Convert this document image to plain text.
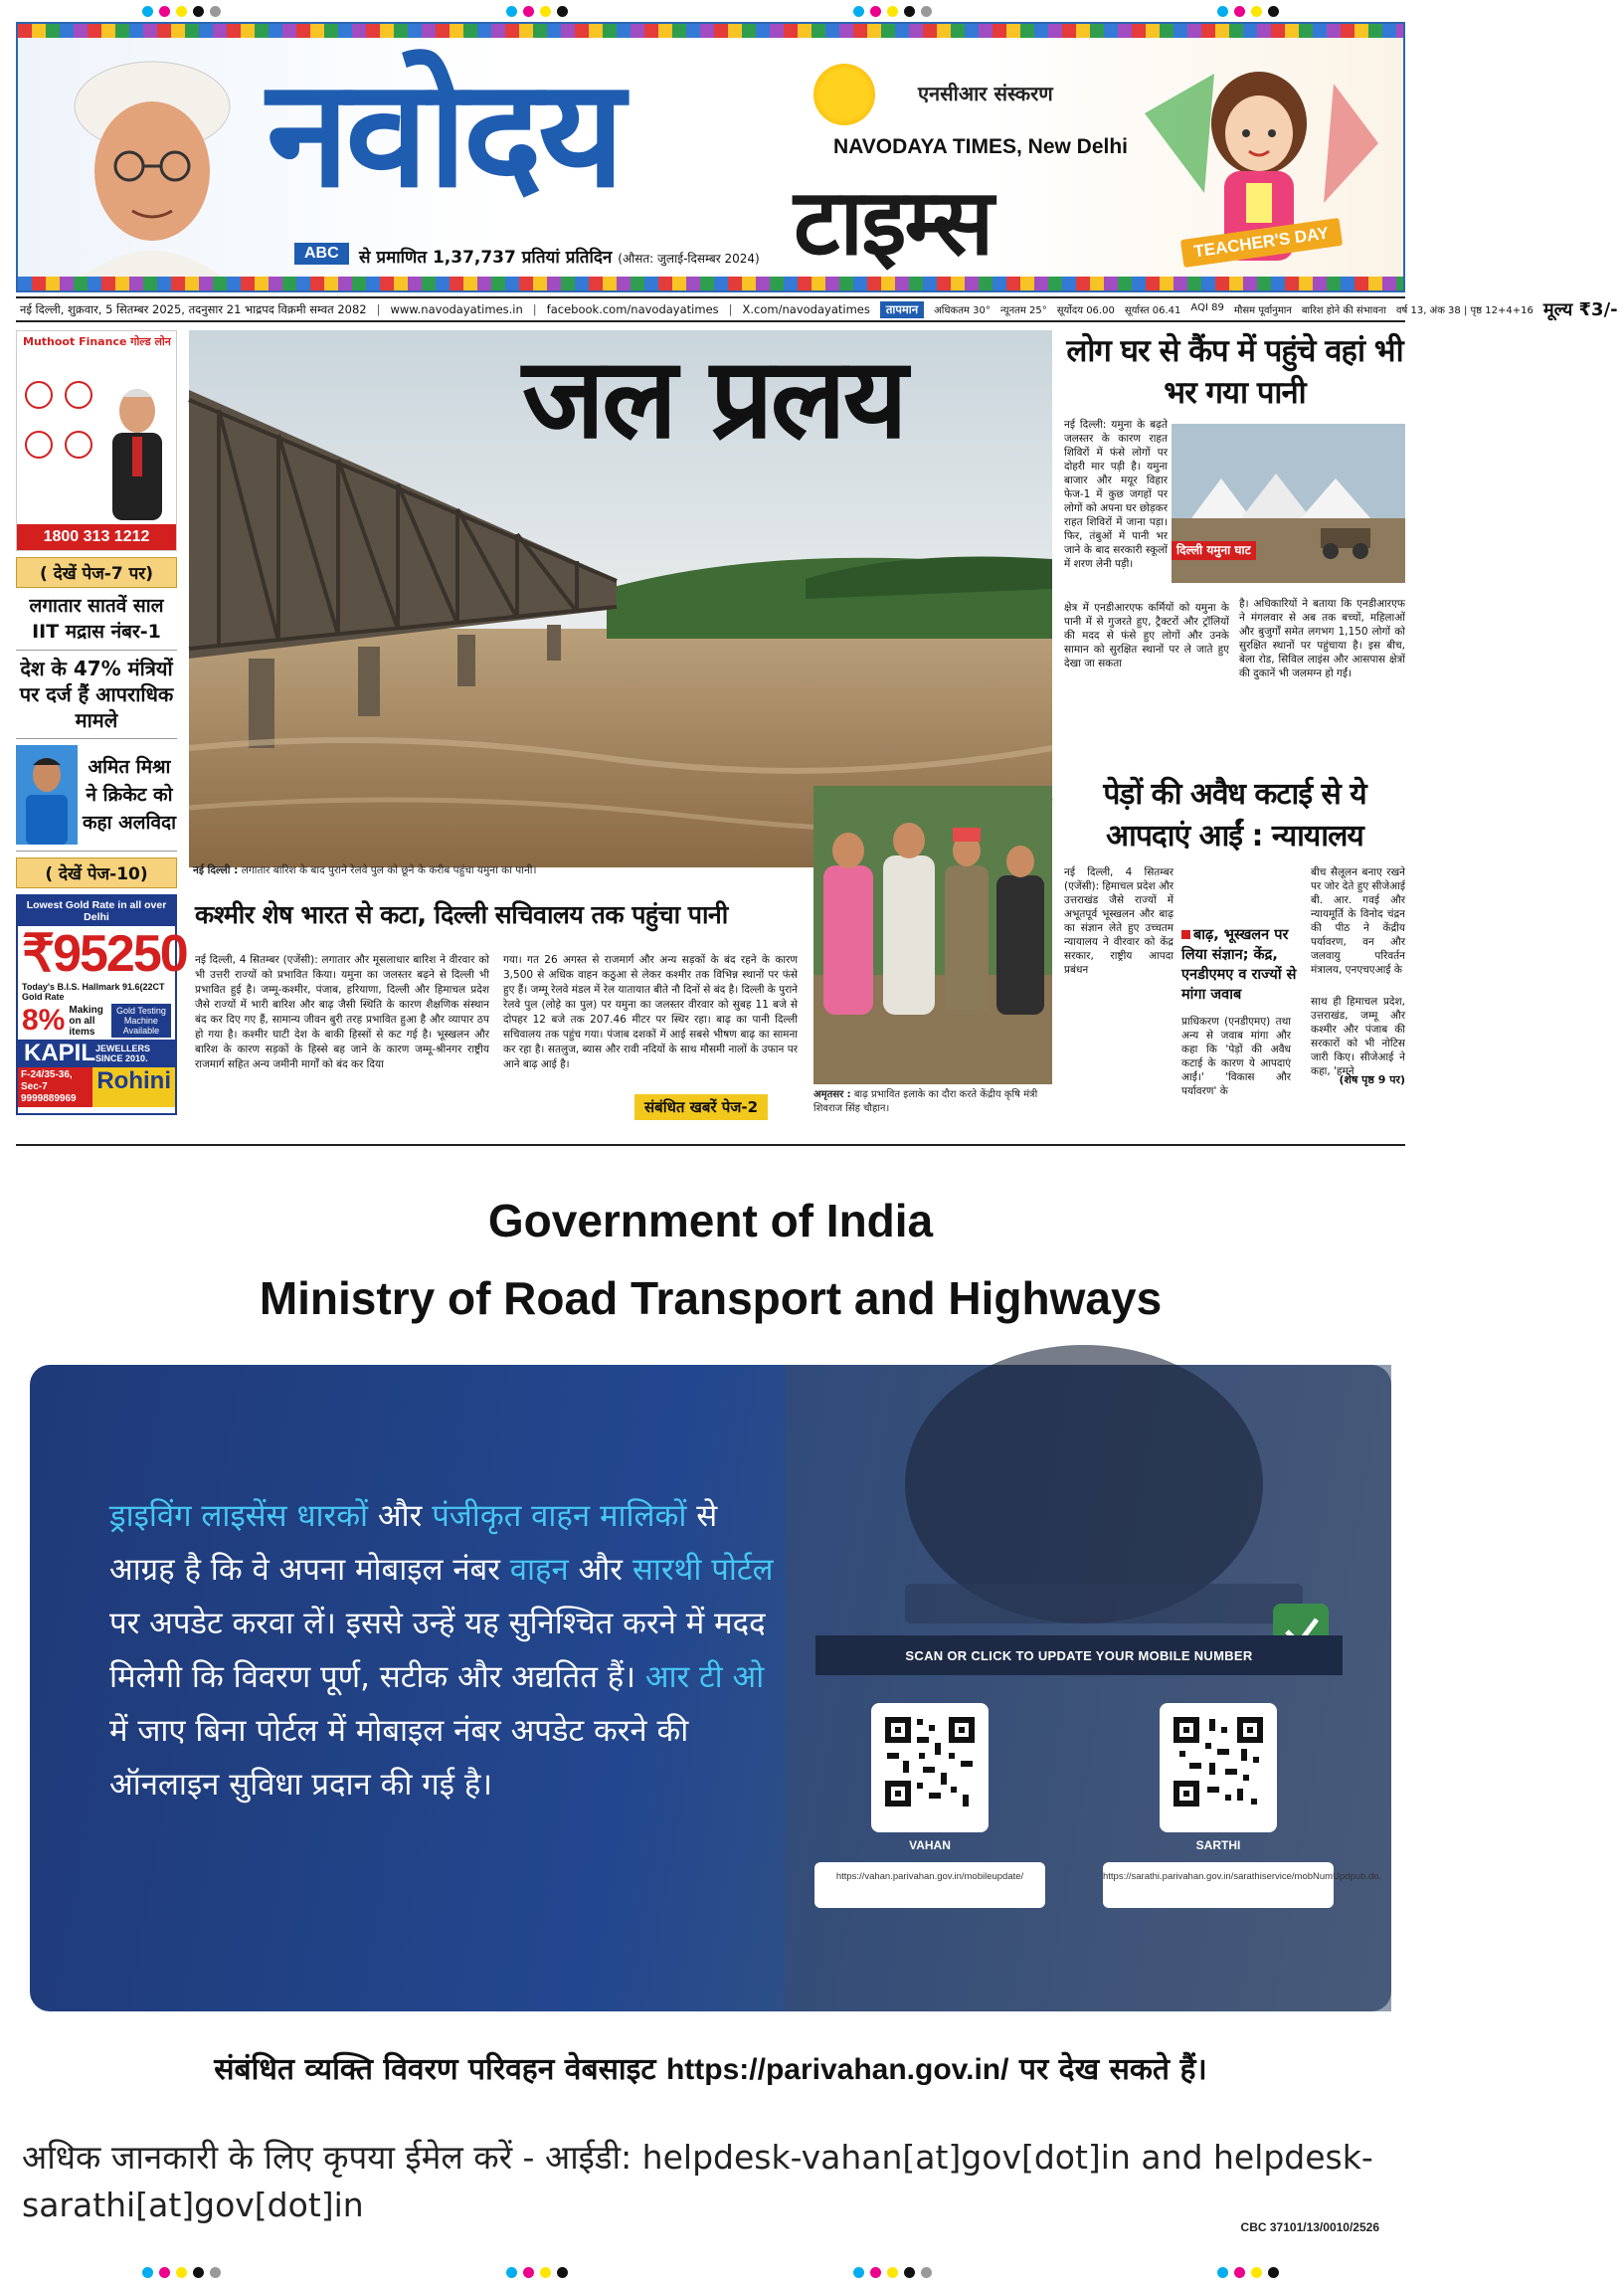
नवोदय	एनसीआर संस्करण
NAVODAYA TIMES, New Delhi
टाइम्स
ABC	से प्रमाणित 1,37,737 प्रतियां प्रतिदिन (औसत: जुलाई-दिसम्बर 2024)	TEACHER'S DAY
नई दिल्ली, शुक्रवार, 5 सितम्बर 2025, तदनुसार 21 भाद्रपद विक्रमी सम्वत 2082 | www.navodayatimes.in | facebook.com/navodayatimes | X.com/navodayatimes	तापमान	अधिकतम 30° न्यूनतम 25° सूर्योदय 06.00 सूर्यास्त 06.41 AQI 89 मौसम पूर्वानुमान बारिश होने की संभावना वर्ष 13, अंक 38 | पृष्ठ 12+4+16 मूल्य ₹3/-
Muthoot Finance गोल्ड लोन
1800 313 1212
( देखें पेज-7 पर)
लगातार सातवें साल IIT मद्रास नंबर-1
देश के 47% मंत्रियों पर दर्ज हैं आपराधिक मामले
अमित मिश्रा ने क्रिकेट को कहा अलविदा
( देखें पेज-10)
Lowest Gold Rate in all over Delhi
₹95250
Today's B.I.S. Hallmark 91.6(22CT Gold Rate
8% Making on all items
Gold Testing Machine Available
KAPIL JEWELLERS SINCE 2010.
F-24/35-36, Sec-7 9999889969
Rohini
जल प्रलय
नई दिल्ली : लगातार बारिश के बाद पुराने रेलवे पुल को छूने के करीब पहुंचा यमुना का पानी।
कश्मीर शेष भारत से कटा, दिल्ली सचिवालय तक पहुंचा पानी
नई दिल्ली, 4 सितम्बर (एजेंसी): लगातार और मूसलाधार बारिश ने वीरवार को भी उत्तरी राज्यों को प्रभावित किया। यमुना का जलस्तर बढ़ने से दिल्ली भी प्रभावित हुई है। जम्मू-कश्मीर, पंजाब, हरियाणा, दिल्ली और हिमाचल प्रदेश जैसे राज्यों में भारी बारिश और बाढ़ जैसी स्थिति के कारण शैक्षणिक संस्थान बंद कर दिए गए हैं, सामान्य जीवन बुरी तरह प्रभावित हुआ है और व्यापार ठप हो गया है। कश्मीर घाटी देश के बाकी हिस्सों से कट गई है। भूस्खलन और बारिश के कारण सड़कों के हिस्से बह जाने के कारण जम्मू-श्रीनगर राष्ट्रीय राजमार्ग सहित अन्य जमीनी मार्गों को बंद कर दिया
गया। गत 26 अगस्त से राजमार्ग और अन्य सड़कों के बंद रहने के कारण 3,500 से अधिक वाहन कठुआ से लेकर कश्मीर तक विभिन्न स्थानों पर फंसे हुए हैं। जम्मू रेलवे मंडल में रेल यातायात बीते नौ दिनों से बंद है। दिल्ली के पुराने रेलवे पुल (लोहे का पुल) पर यमुना का जलस्तर वीरवार को सुबह 11 बजे से दोपहर 12 बजे तक 207.46 मीटर पर स्थिर रहा। बाढ़ का पानी दिल्ली सचिवालय तक पहुंच गया। पंजाब दशकों में आई सबसे भीषण बाढ़ का सामना कर रहा है। सतलुज, ब्यास और रावी नदियों के साथ मौसमी नालों के उफान पर आने बाढ़ आई है।
संबंधित खबरें पेज-2
अमृतसर : बाढ़ प्रभावित इलाके का दौरा करते केंद्रीय कृषि मंत्री शिवराज सिंह चौहान।
लोग घर से कैंप में पहुंचे वहां भी भर गया पानी
नई दिल्ली: यमुना के बढ़ते जलस्तर के कारण राहत शिविरों में फंसे लोगों पर दोहरी मार पड़ी है। यमुना बाजार और मयूर विहार फेज-1 में कुछ जगहों पर लोगों को अपना घर छोड़कर राहत शिविरों में जाना पड़ा। फिर, तंबुओं में पानी भर जाने के बाद सरकारी स्कूलों में शरण लेनी पड़ी।
दिल्ली यमुना घाट
क्षेत्र में एनडीआरएफ कर्मियों को यमुना के पानी में से गुजरते हुए, ट्रैक्टरों और ट्रॉलियों की मदद से फंसे हुए लोगों और उनके सामान को सुरक्षित स्थानों पर ले जाते हुए देखा जा सकता
है। अधिकारियों ने बताया कि एनडीआरएफ ने मंगलवार से अब तक बच्चों, महिलाओं और बुजुर्गों समेत लगभग 1,150 लोगों को सुरक्षित स्थानों पर पहुंचाया है। इस बीच, बेला रोड, सिविल लाइंस और आसपास क्षेत्रों की दुकानें भी जलमग्न हो गईं।
पेड़ों की अवैध कटाई से ये आपदाएं आईं : न्यायालय
नई दिल्ली, 4 सितम्बर (एजेंसी): हिमाचल प्रदेश और उत्तराखंड जैसे राज्यों में अभूतपूर्व भूस्खलन और बाढ़ का संज्ञान लेते हुए उच्चतम न्यायालय ने वीरवार को केंद्र सरकार, राष्ट्रीय आपदा प्रबंधन
बाढ़, भूस्खलन पर लिया संज्ञान; केंद्र, एनडीएमए व राज्यों से मांगा जवाब
बीच सैलूलन बनाए रखने पर जोर देते हुए सीजेआई बी. आर. गवई और न्यायमूर्ति के विनोद चंद्रन की पीठ ने केंद्रीय पर्यावरण, वन और जलवायु परिवर्तन मंत्रालय, एनएचएआई के
प्राधिकरण (एनडीएमए) तथा अन्य से जवाब मांगा और कहा कि 'पेड़ों की अवैध कटाई के कारण ये आपदाएं आईं।' 'विकास और पर्यावरण' के
साथ ही हिमाचल प्रदेश, उत्तराखंड, जम्मू और कश्मीर और पंजाब की सरकारों को भी नोटिस जारी किए। सीजेआई ने कहा, 'हमने
(शेष पृष्ठ 9 पर)
Government of India
Ministry of Road Transport and Highways
ड्राइविंग लाइसेंस धारकों और पंजीकृत वाहन मालिकों से आग्रह है कि वे अपना मोबाइल नंबर वाहन और सारथी पोर्टल पर अपडेट करवा लें। इससे उन्हें यह सुनिश्चित करने में मदद मिलेगी कि विवरण पूर्ण, सटीक और अद्यतित हैं। आर टी ओ में जाए बिना पोर्टल में मोबाइल नंबर अपडेट करने की ऑनलाइन सुविधा प्रदान की गई है।
SCAN OR CLICK TO UPDATE YOUR MOBILE NUMBER
VAHAN
https://vahan.parivahan.gov.in/mobileupdate/
SARTHI
https://sarathi.parivahan.gov.in/sarathiservice/mobNumUpdpub.do.
संबंधित व्यक्ति विवरण परिवहन वेबसाइट https://parivahan.gov.in/ पर देख सकते हैं।
अधिक जानकारी के लिए कृपया ईमेल करें - आईडी: helpdesk-vahan[at]gov[dot]in and helpdesk-sarathi[at]gov[dot]in
CBC 37101/13/0010/2526
